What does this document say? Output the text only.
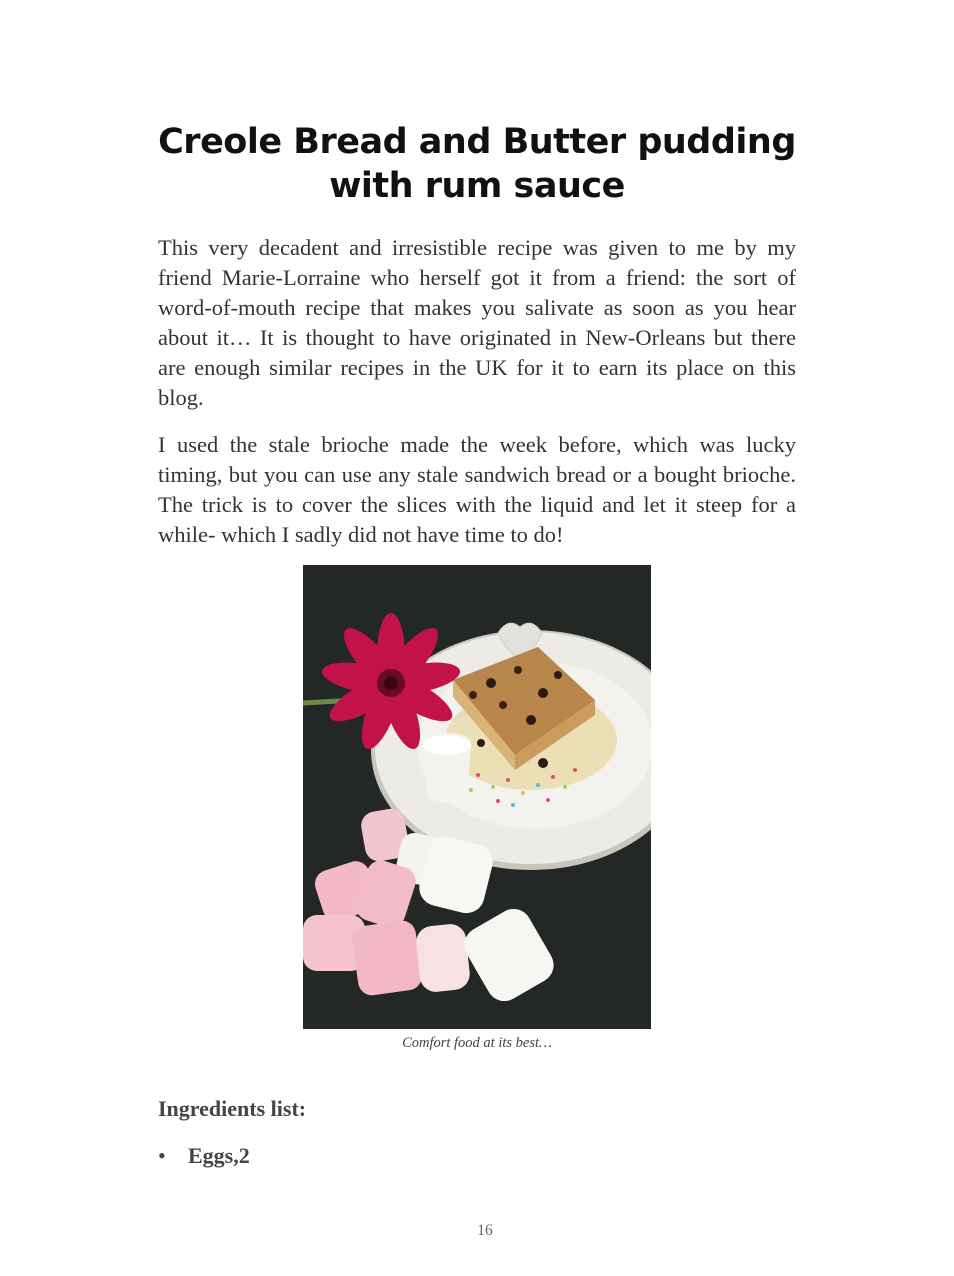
Creole Bread and Butter pudding with rum sauce

This very decadent and irresistible recipe was given to me by my friend Marie-Lorraine who herself got it from a friend: the sort of word-of-mouth recipe that makes you salivate as soon as you hear about it… It is thought to have originated in New-Orleans but there are enough similar recipes in the UK for it to earn its place on this blog.

I used the stale brioche made the week before, which was lucky timing, but you can use any stale sandwich bread or a bought brioche. The trick is to cover the slices with the liquid and let it steep for a while- which I sadly did not have time to do!

Comfort food at its best…

Ingredients list:

• Eggs,2

16
